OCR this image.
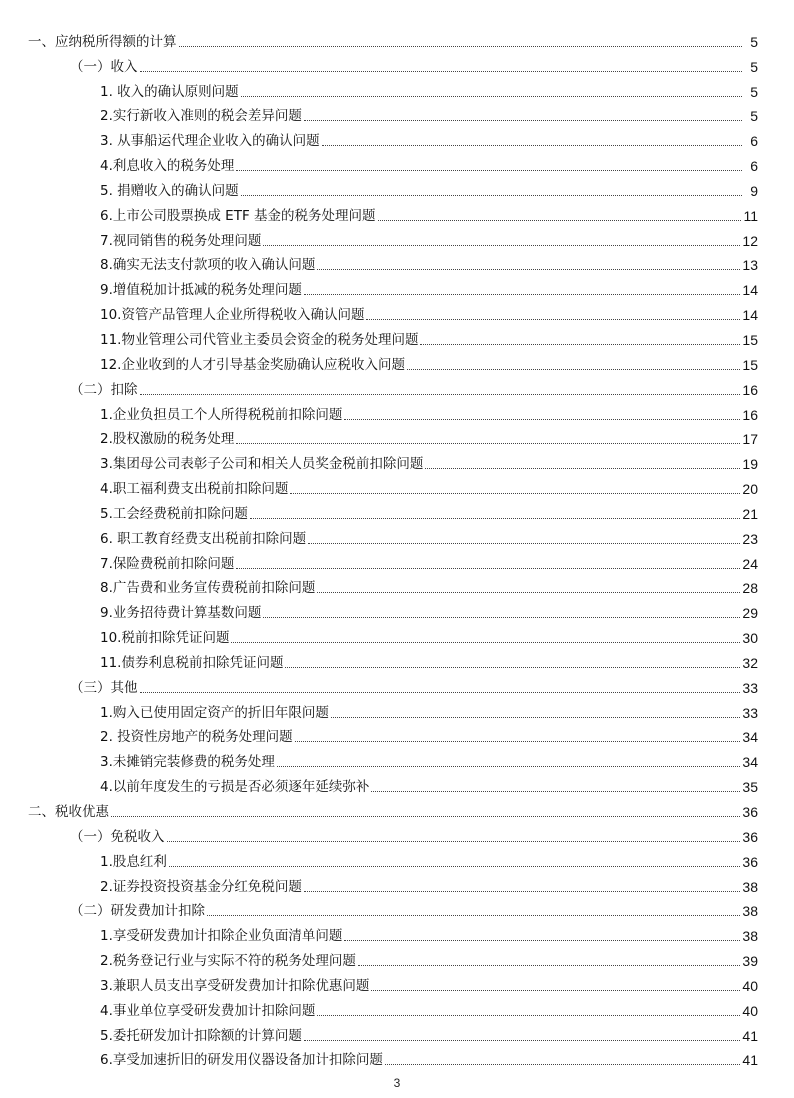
一、应纳税所得额的计算	5
（一）收入	5
1. 收入的确认原则问题	5
2.实行新收入准则的税会差异问题	5
3. 从事船运代理企业收入的确认问题	6
4.利息收入的税务处理	6
5. 捐赠收入的确认问题	9
6.上市公司股票换成 ETF 基金的税务处理问题	11
7.视同销售的税务处理问题	12
8.确实无法支付款项的收入确认问题	13
9.增值税加计抵减的税务处理问题	14
10.资管产品管理人企业所得税收入确认问题	14
11.物业管理公司代管业主委员会资金的税务处理问题	15
12.企业收到的人才引导基金奖励确认应税收入问题	15
（二）扣除	16
1.企业负担员工个人所得税税前扣除问题	16
2.股权激励的税务处理	17
3.集团母公司表彰子公司和相关人员奖金税前扣除问题	19
4.职工福利费支出税前扣除问题	20
5.工会经费税前扣除问题	21
6. 职工教育经费支出税前扣除问题	23
7.保险费税前扣除问题	24
8.广告费和业务宣传费税前扣除问题	28
9.业务招待费计算基数问题	29
10.税前扣除凭证问题	30
11.债券利息税前扣除凭证问题	32
（三）其他	33
1.购入已使用固定资产的折旧年限问题	33
2. 投资性房地产的税务处理问题	34
3.未摊销完装修费的税务处理	34
4.以前年度发生的亏损是否必须逐年延续弥补	35
二、税收优惠	36
（一）免税收入	36
1.股息红利	36
2.证券投资投资基金分红免税问题	38
（二）研发费加计扣除	38
1.享受研发费加计扣除企业负面清单问题	38
2.税务登记行业与实际不符的税务处理问题	39
3.兼职人员支出享受研发费加计扣除优惠问题	40
4.事业单位享受研发费加计扣除问题	40
5.委托研发加计扣除额的计算问题	41
6.享受加速折旧的研发用仪器设备加计扣除问题	41
3
